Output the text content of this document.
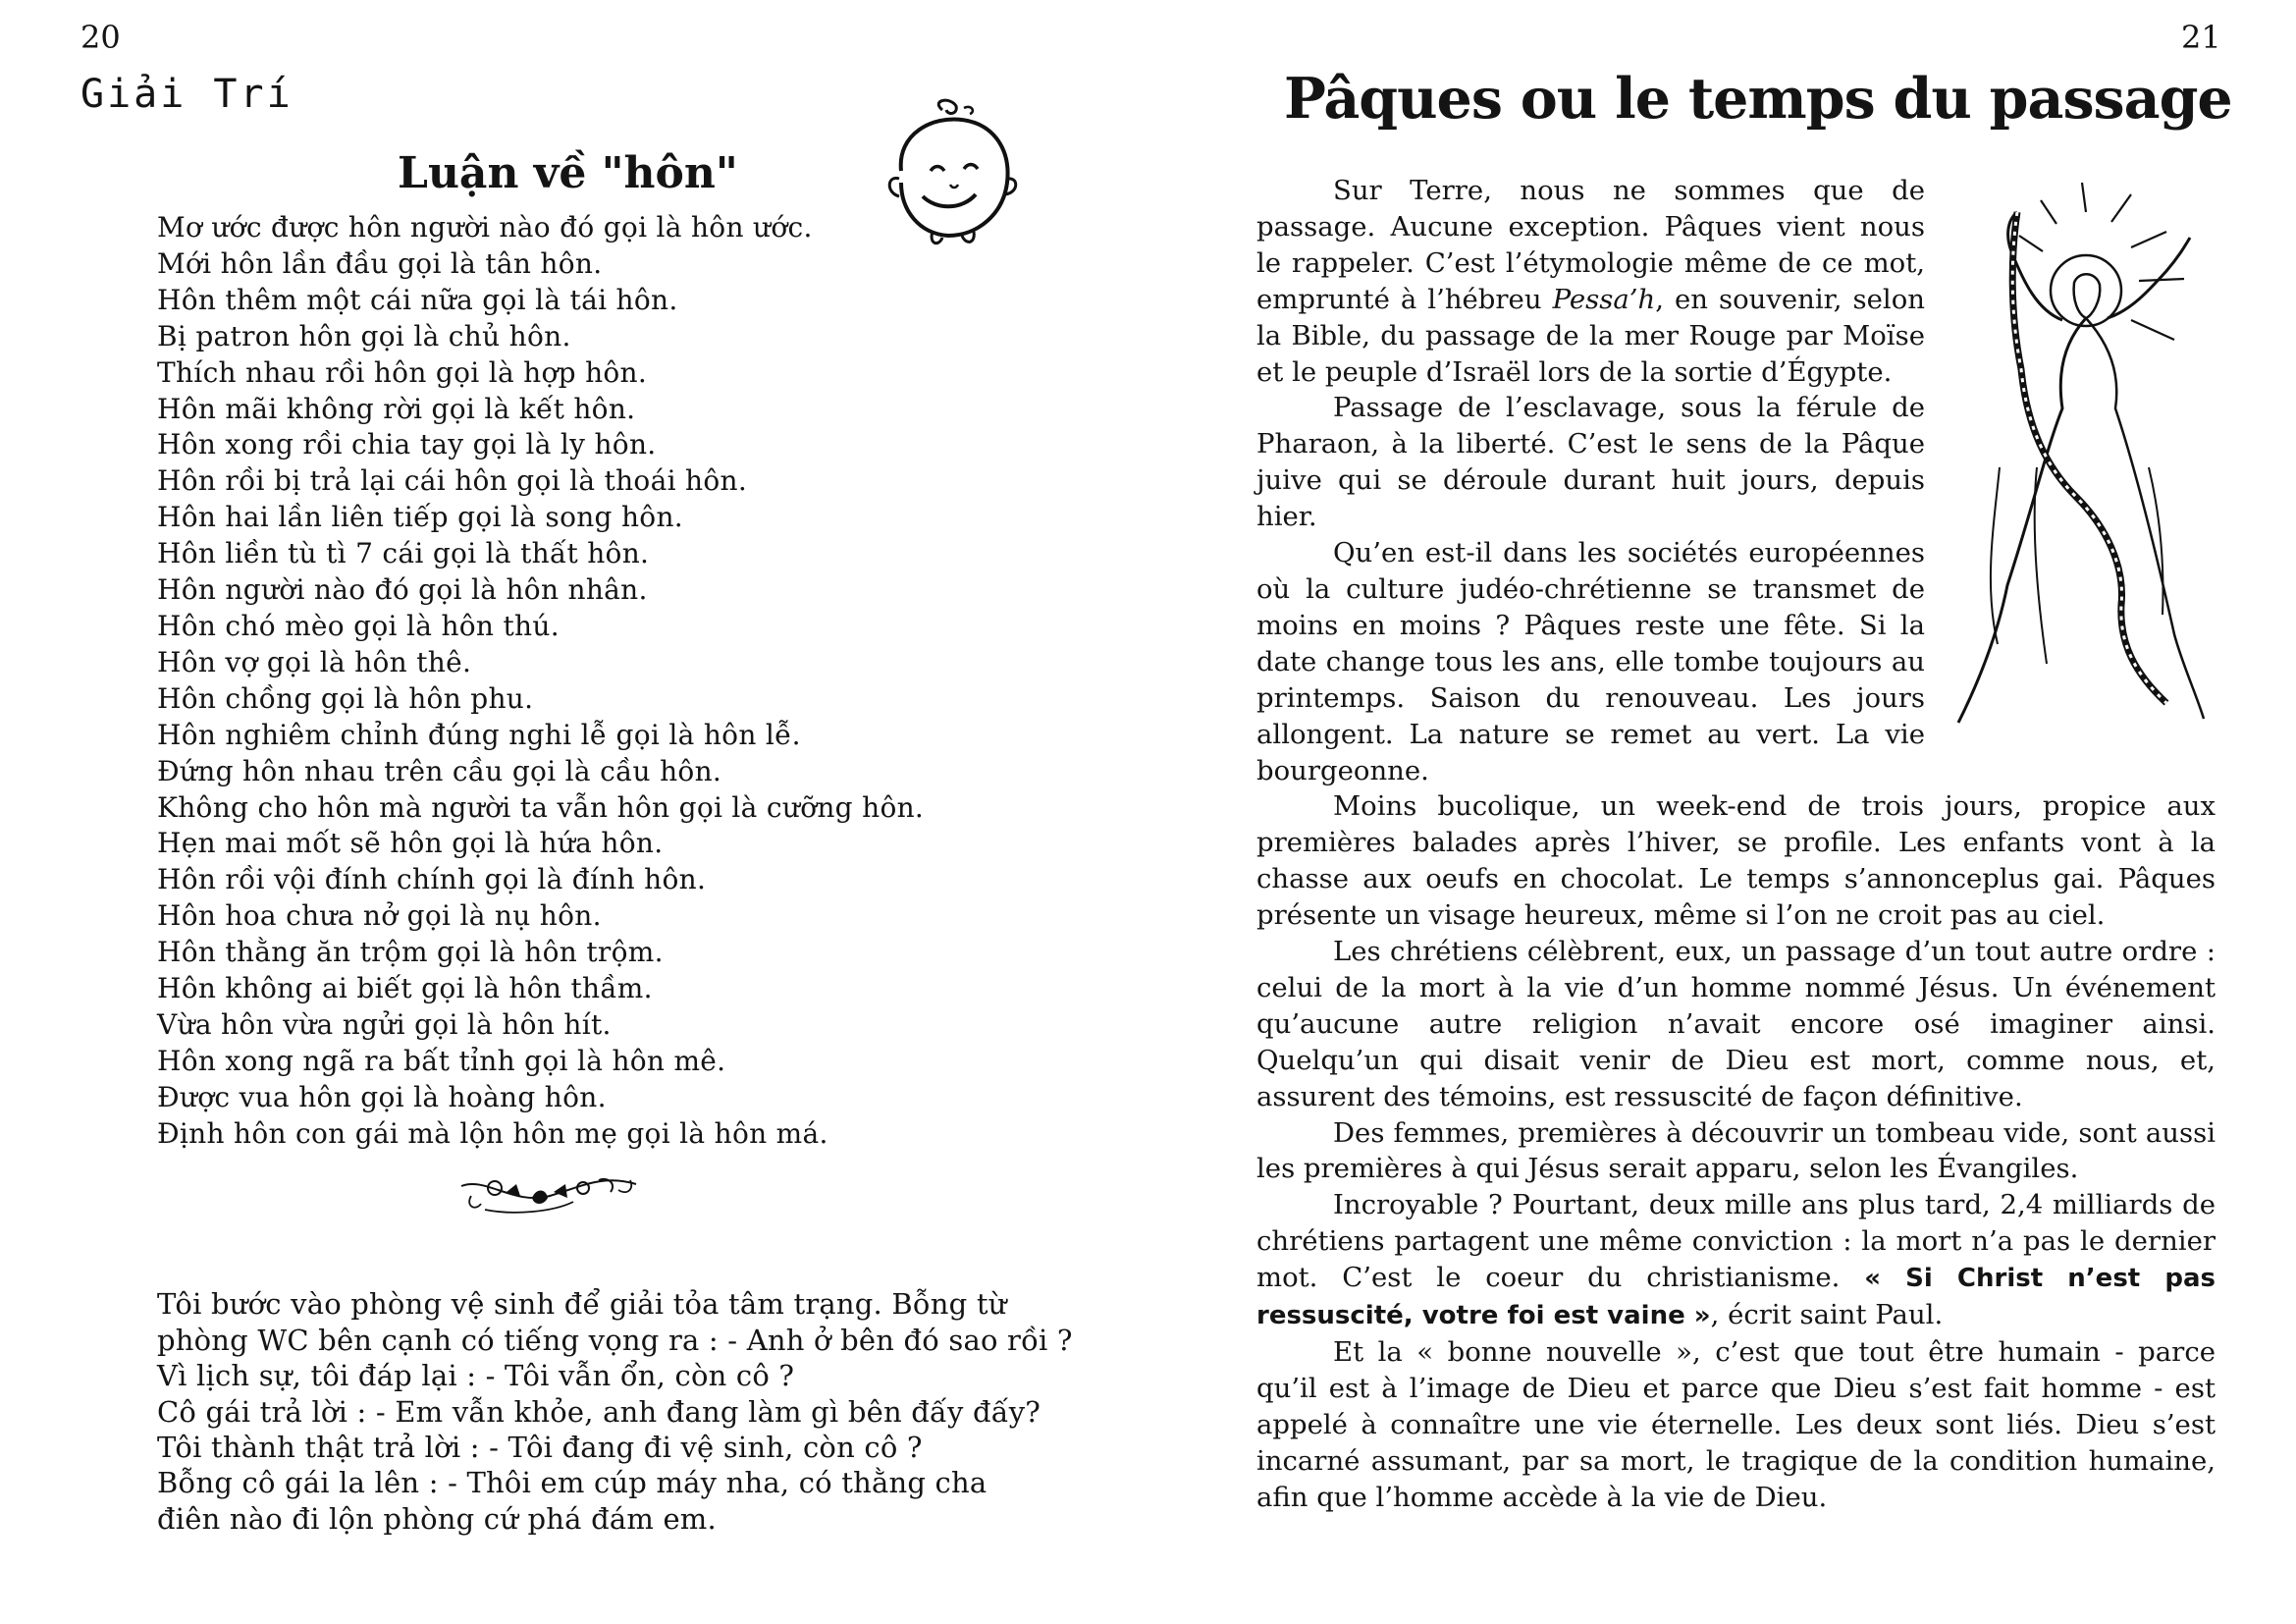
20
Giải Trí
Luận về "hôn"
Mơ ước được hôn người nào đó gọi là hôn ước.
Mới hôn lần đầu gọi là tân hôn.
Hôn thêm một cái nữa gọi là tái hôn.
Bị patron hôn gọi là chủ hôn.
Thích nhau rồi hôn gọi là hợp hôn.
Hôn mãi không rời gọi là kết hôn.
Hôn xong rồi chia tay gọi là ly hôn.
Hôn rồi bị trả lại cái hôn gọi là thoái hôn.
Hôn hai lần liên tiếp gọi là song hôn.
Hôn liền tù tì 7 cái gọi là thất hôn.
Hôn người nào đó gọi là hôn nhân.
Hôn chó mèo gọi là hôn thú.
Hôn vợ gọi là hôn thê.
Hôn chồng gọi là hôn phu.
Hôn nghiêm chỉnh đúng nghi lễ gọi là hôn lễ.
Đứng hôn nhau trên cầu gọi là cầu hôn.
Không cho hôn mà người ta vẫn hôn gọi là cưỡng hôn.
Hẹn mai mốt sẽ hôn gọi là hứa hôn.
Hôn rồi vội đính chính gọi là đính hôn.
Hôn hoa chưa nở gọi là nụ hôn.
Hôn thằng ăn trộm gọi là hôn trộm.
Hôn không ai biết gọi là hôn thầm.
Vừa hôn vừa ngửi gọi là hôn hít.
Hôn xong ngã ra bất tỉnh gọi là hôn mê.
Được vua hôn gọi là hoàng hôn.
Định hôn con gái mà lộn hôn mẹ gọi là hôn má.

Tôi bước vào phòng vệ sinh để giải tỏa tâm trạng. Bỗng từ
phòng WC bên cạnh có tiếng vọng ra : - Anh ở bên đó sao rồi ?
Vì lịch sự, tôi đáp lại : - Tôi vẫn ổn, còn cô ?
Cô gái trả lời : - Em vẫn khỏe, anh đang làm gì bên đấy đấy?
Tôi thành thật trả lời : - Tôi đang đi vệ sinh, còn cô ?
Bỗng cô gái la lên : - Thôi em cúp máy nha, có thằng cha
điên nào đi lộn phòng cứ phá đám em.
21
Pâques ou le temps du passage

Sur Terre, nous ne sommes que de passage. Aucune exception. Pâques vient nous le rappeler. C’est l’étymologie même de ce mot, emprunté à l’hébreu Pessa’h, en souvenir, selon la Bible, du passage de la mer Rouge par Moïse et le peuple d’Israël lors de la sortie d’Égypte.

Passage de l’esclavage, sous la férule de Pharaon, à la liberté. C’est le sens de la Pâque juive qui se déroule durant huit jours, depuis hier.

Qu’en est-il dans les sociétés européennes où la culture judéo-chrétienne se transmet de moins en moins ? Pâques reste une fête. Si la date change tous les ans, elle tombe toujours au printemps. Saison du renouveau. Les jours allongent. La nature se remet au vert. La vie bourgeonne.

Moins bucolique, un week-end de trois jours, propice aux premières balades après l’hiver, se profile. Les enfants vont à la chasse aux oeufs en chocolat. Le temps s’annonceplus gai. Pâques présente un visage heureux, même si l’on ne croit pas au ciel.

Les chrétiens célèbrent, eux, un passage d’un tout autre ordre : celui de la mort à la vie d’un homme nommé Jésus. Un événement qu’aucune autre religion n’avait encore osé imaginer ainsi. Quelqu’un qui disait venir de Dieu est mort, comme nous, et, assurent des témoins, est ressuscité de façon définitive.

Des femmes, premières à découvrir un tombeau vide, sont aussi les premières à qui Jésus serait apparu, selon les Évangiles.

Incroyable ? Pourtant, deux mille ans plus tard, 2,4 milliards de chrétiens partagent une même conviction : la mort n’a pas le dernier mot. C’est le coeur du christianisme. « Si Christ n’est pas ressuscité, votre foi est vaine », écrit saint Paul.

Et la « bonne nouvelle », c’est que tout être humain - parce qu’il est à l’image de Dieu et parce que Dieu s’est fait homme - est appelé à connaître une vie éternelle. Les deux sont liés. Dieu s’est incarné assumant, par sa mort, le tragique de la condition humaine, afin que l’homme accède à la vie de Dieu.
